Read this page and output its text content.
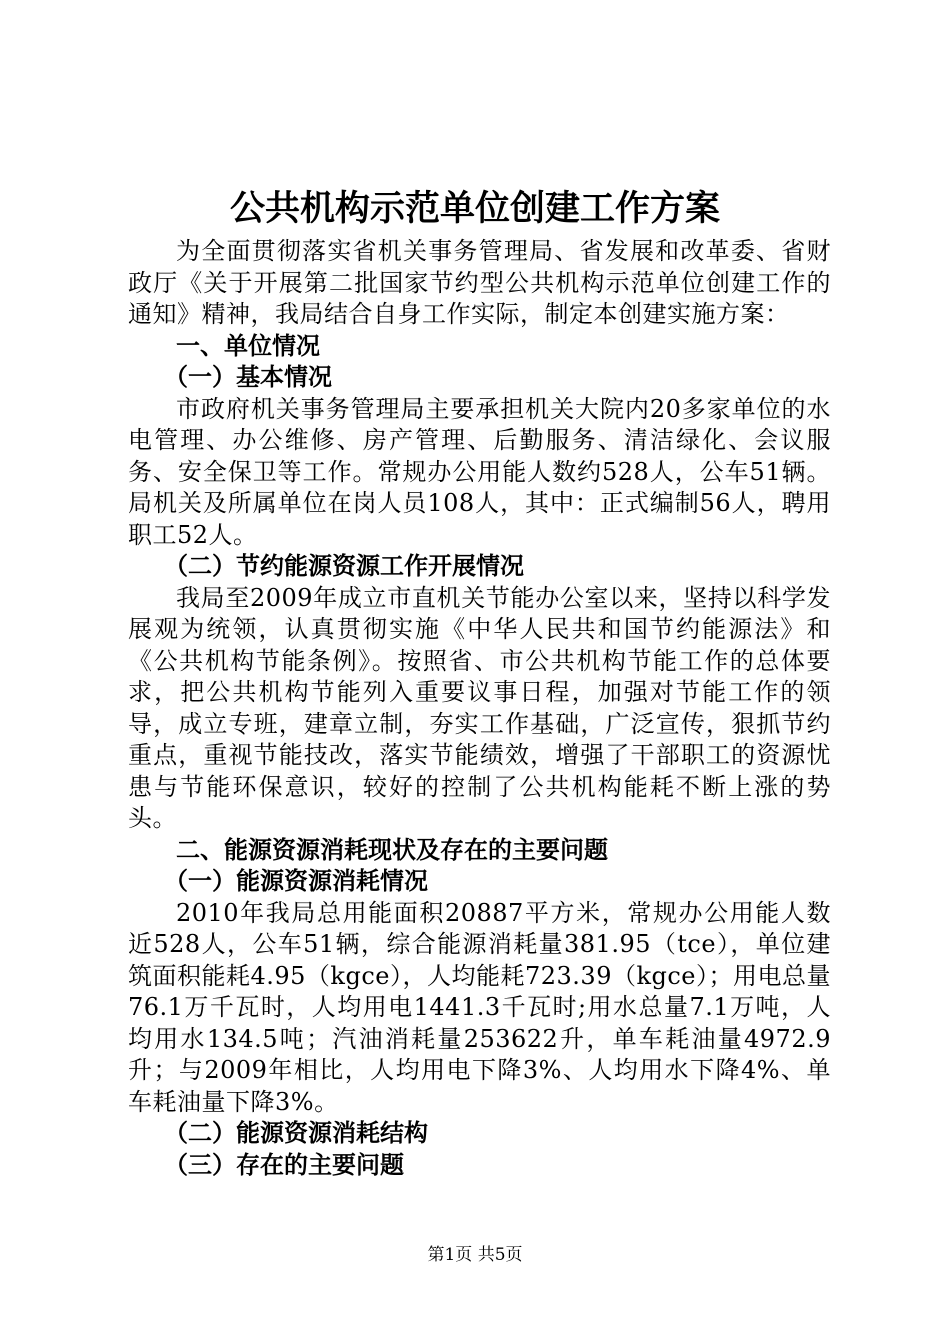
公共机构示范单位创建工作方案

为全面贯彻落实省机关事务管理局、省发展和改革委、省财政厅《关于开展第二批国家节约型公共机构示范单位创建工作的通知》精神，我局结合自身工作实际，制定本创建实施方案：

一、单位情况

（一）基本情况

市政府机关事务管理局主要承担机关大院内20多家单位的水电管理、办公维修、房产管理、后勤服务、清洁绿化、会议服务、安全保卫等工作。常规办公用能人数约528人，公车51辆。局机关及所属单位在岗人员108人，其中：正式编制56人，聘用职工52人。

（二）节约能源资源工作开展情况

我局至2009年成立市直机关节能办公室以来，坚持以科学发展观为统领，认真贯彻实施《中华人民共和国节约能源法》和《公共机构节能条例》。按照省、市公共机构节能工作的总体要求，把公共机构节能列入重要议事日程，加强对节能工作的领导，成立专班，建章立制，夯实工作基础，广泛宣传，狠抓节约重点，重视节能技改，落实节能绩效，增强了干部职工的资源忧患与节能环保意识，较好的控制了公共机构能耗不断上涨的势头。

二、能源资源消耗现状及存在的主要问题

（一）能源资源消耗情况

2010年我局总用能面积20887平方米，常规办公用能人数近528人，公车51辆，综合能源消耗量381.95（tce），单位建筑面积能耗4.95（kgce），人均能耗723.39（kgce）；用电总量76.1万千瓦时，人均用电1441.3千瓦时;用水总量7.1万吨，人均用水134.5吨；汽油消耗量253622升，单车耗油量4972.9升；与2009年相比，人均用电下降3%、人均用水下降4%、单车耗油量下降3%。

（二）能源资源消耗结构

（三）存在的主要问题

第1页 共5页
